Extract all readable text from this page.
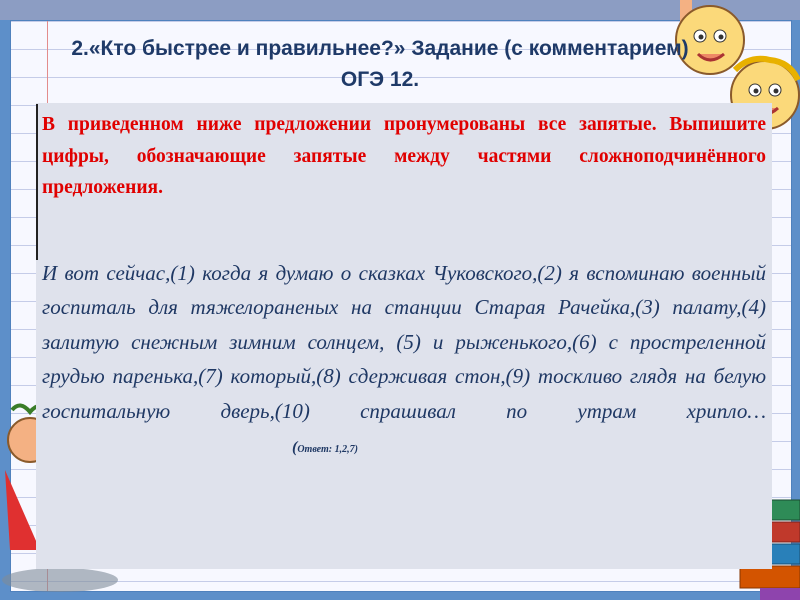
2.«Кто быстрее и правильнее?» Задание (с комментарием) ОГЭ 12.

В приведенном ниже предложении пронумерованы все запятые. Выпишите цифры, обозначающие запятые между частями сложноподчинённого предложения.

И вот сейчас,(1) когда я думаю о сказках Чуковского,(2) я вспоминаю военный госпиталь для тяжелораненых на станции Старая Рачейка,(3) палату,(4) залитую снежным зимним солнцем, (5) и рыженького,(6) с простреленной грудью паренька,(7) который,(8) сдерживая стон,(9) тоскливо глядя на белую госпитальную дверь,(10) спрашивал по утрам хрипло… (Ответ: 1,2,7)
